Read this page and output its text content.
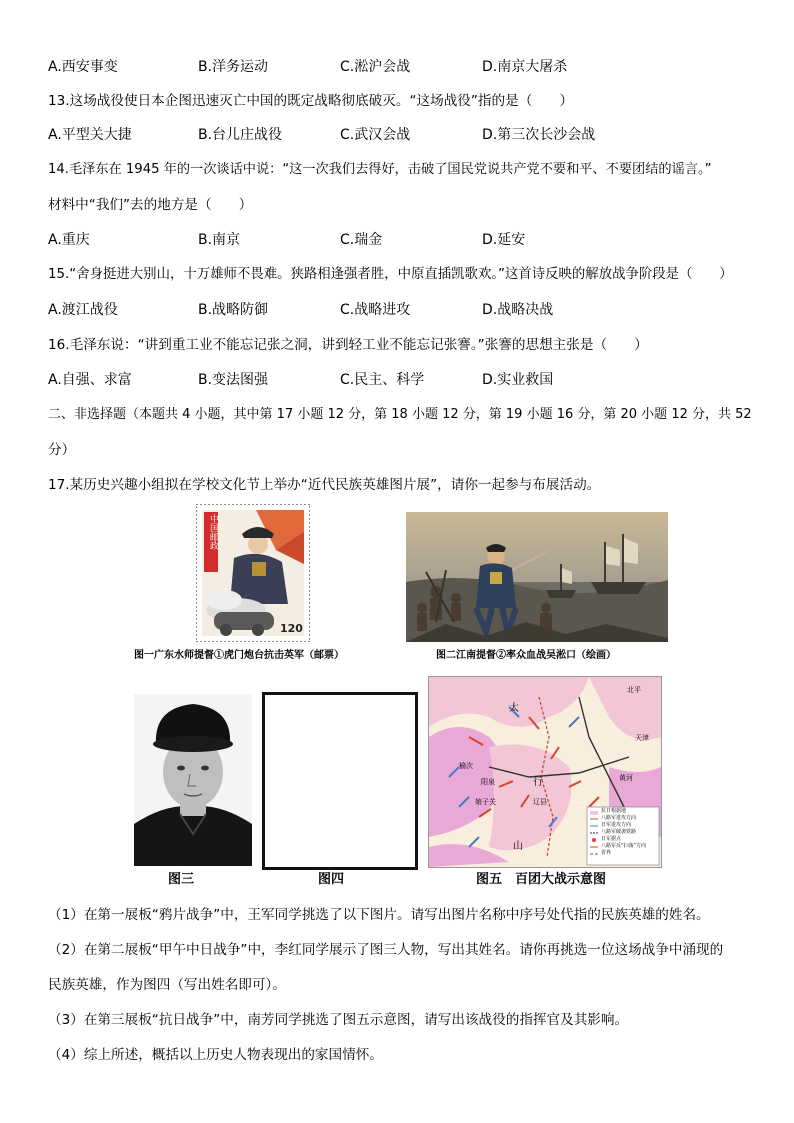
A.西安事变	B.洋务运动	C.淞沪会战	D.南京大屠杀
13.这场战役使日本企图迅速灭亡中国的既定战略彻底破灭。“这场战役”指的是（　　）
A.平型关大捷	B.台儿庄战役	C.武汉会战	D.第三次长沙会战
14.毛泽东在 1945 年的一次谈话中说：“这一次我们去得好，击破了国民党说共产党不要和平、不要团结的谣言。”
材料中“我们”去的地方是（　　）
A.重庆	B.南京	C.瑞金	D.延安
15.“舍身挺进大别山，十万雄师不畏难。狭路相逢强者胜，中原直插凯歌欢。”这首诗反映的解放战争阶段是（　　）
A.渡江战役	B.战略防御	C.战略进攻	D.战略决战
16.毛泽东说：“讲到重工业不能忘记张之洞，讲到轻工业不能忘记张謇。”张謇的思想主张是（　　）
A.自强、求富	B.变法图强	C.民主、科学	D.实业救国
二、非选择题（本题共 4 小题，其中第 17 小题 12 分，第 18 小题 12 分，第 19 小题 16 分，第 20 小题 12 分，共 52
分）
17.某历史兴趣小组拟在学校文化节上举办“近代民族英雄图片展”，请你一起参与布展活动。
中国邮政
120
图一广东水师提督①虎门炮台抗击英军（邮票）	图二江南提督②率众血战吴淞口（绘画）
图三	图四
太
行
山
北平
天津
娘子关
阳泉
榆次
辽县
黄河
抗日根据地
八路军进攻方向
日军进攻方向
八路军破袭铁路
日军据点
八路军反“扫荡”方向
省界
图五　百团大战示意图
（1）在第一展板“鸦片战争”中，王军同学挑选了以下图片。请写出图片名称中序号处代指的民族英雄的姓名。
（2）在第二展板“甲午中日战争”中，李红同学展示了图三人物，写出其姓名。请你再挑选一位这场战争中涌现的
民族英雄，作为图四（写出姓名即可）。
（3）在第三展板“抗日战争”中，南芳同学挑选了图五示意图，请写出该战役的指挥官及其影响。
（4）综上所述，概括以上历史人物表现出的家国情怀。
